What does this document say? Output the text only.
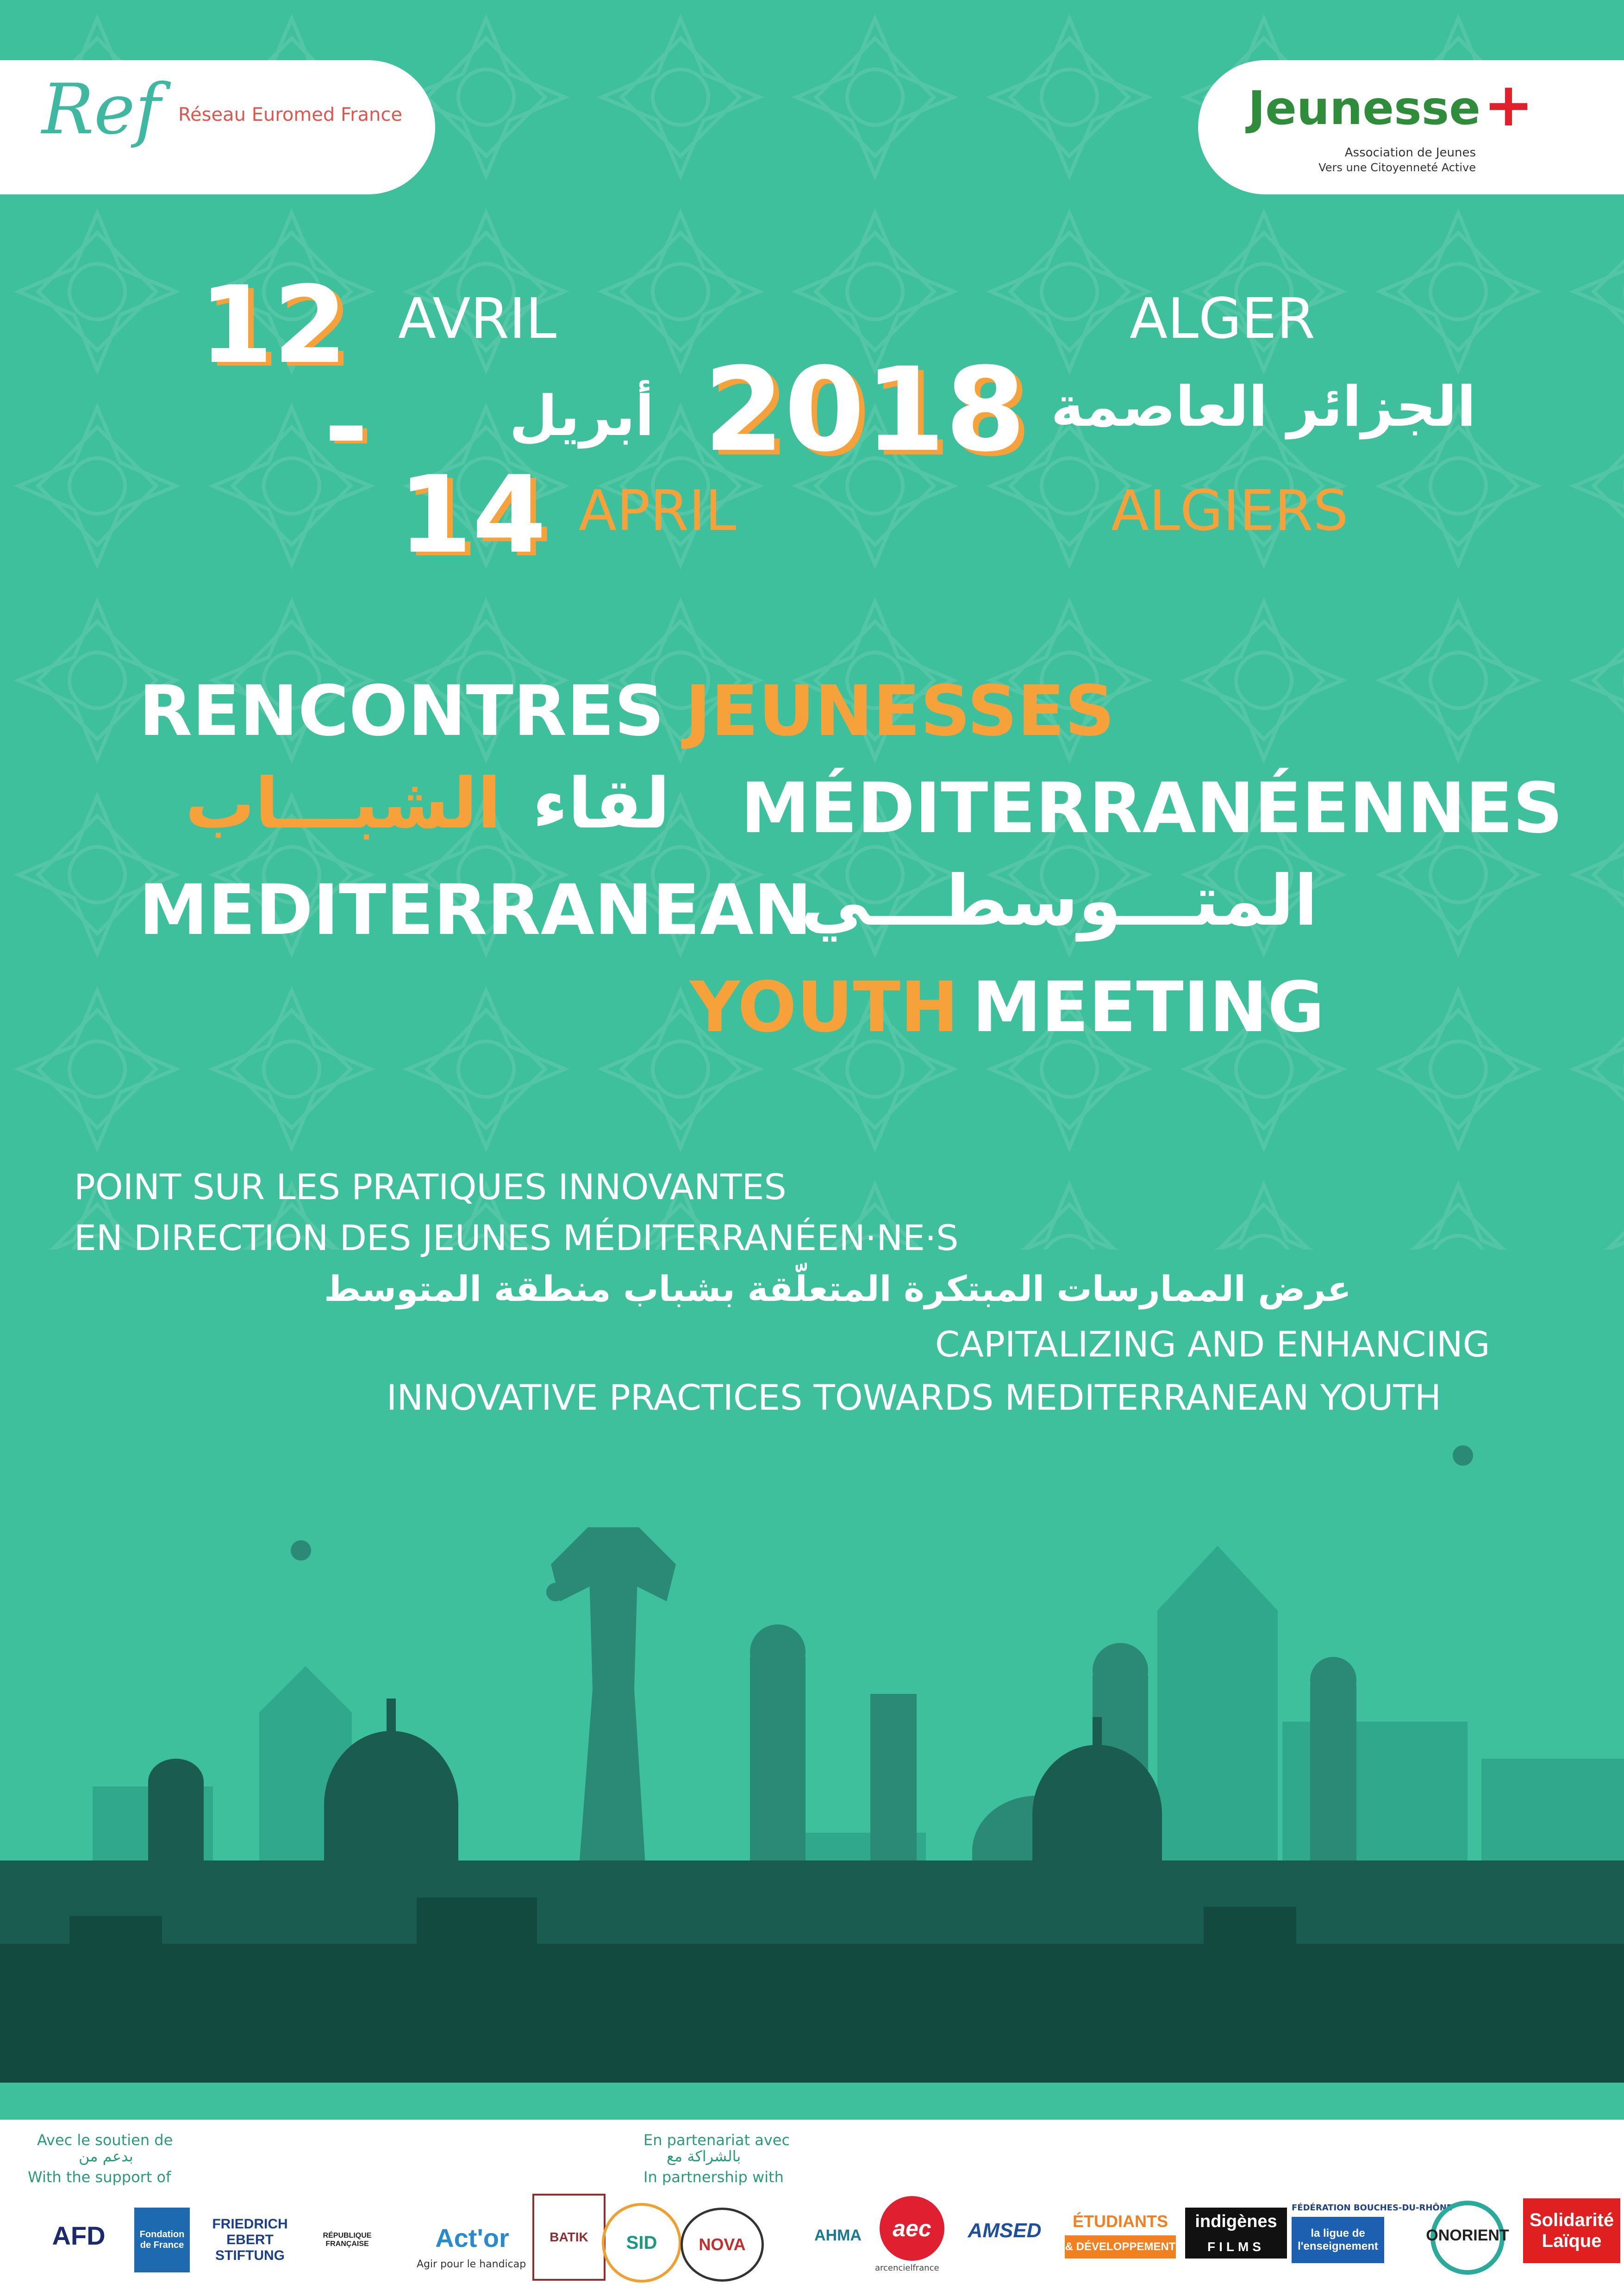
Ref Réseau Euromed France	Jeunesse +
Association de Jeunes
Vers une Citoyenneté Active
12
-
14
AVRIL
أبريل
APRIL
2018
ALGER
الجزائر العاصمة
ALGIERS
RENCONTRES JEUNESSES
لقاء
الشبـــاب	MÉDITERRANÉENNES
MEDITERRANEAN
المتـــوسطـــي
YOUTH MEETING
POINT SUR LES PRATIQUES INNOVANTES
EN DIRECTION DES JEUNES MÉDITERRANÉEN·NE·S
عرض الممارسات المبتكرة المتعلّقة بشباب منطقة المتوسط
CAPITALIZING AND ENHANCING
INNOVATIVE PRACTICES TOWARDS MEDITERRANEAN YOUTH
Avec le soutien de
بدعم من
With the support of
En partenariat avec
بالشراكة مع
In partnership with
AFD	Fondation de France
FRIEDRICH EBERT STIFTUNG
RÉPUBLIQUE FRANÇAISE	Act'or
Agir pour le handicap
BATIK SID NOVA	AHMA aec
arcencielfrance
AMSED ÉTUDIANTS
& DÉVELOPPEMENT
indigènes
FILMS
FÉDÉRATION BOUCHES-DU-RHÔNE
la ligue de l'enseignement
ONORIENT
Solidarité
Laïque
